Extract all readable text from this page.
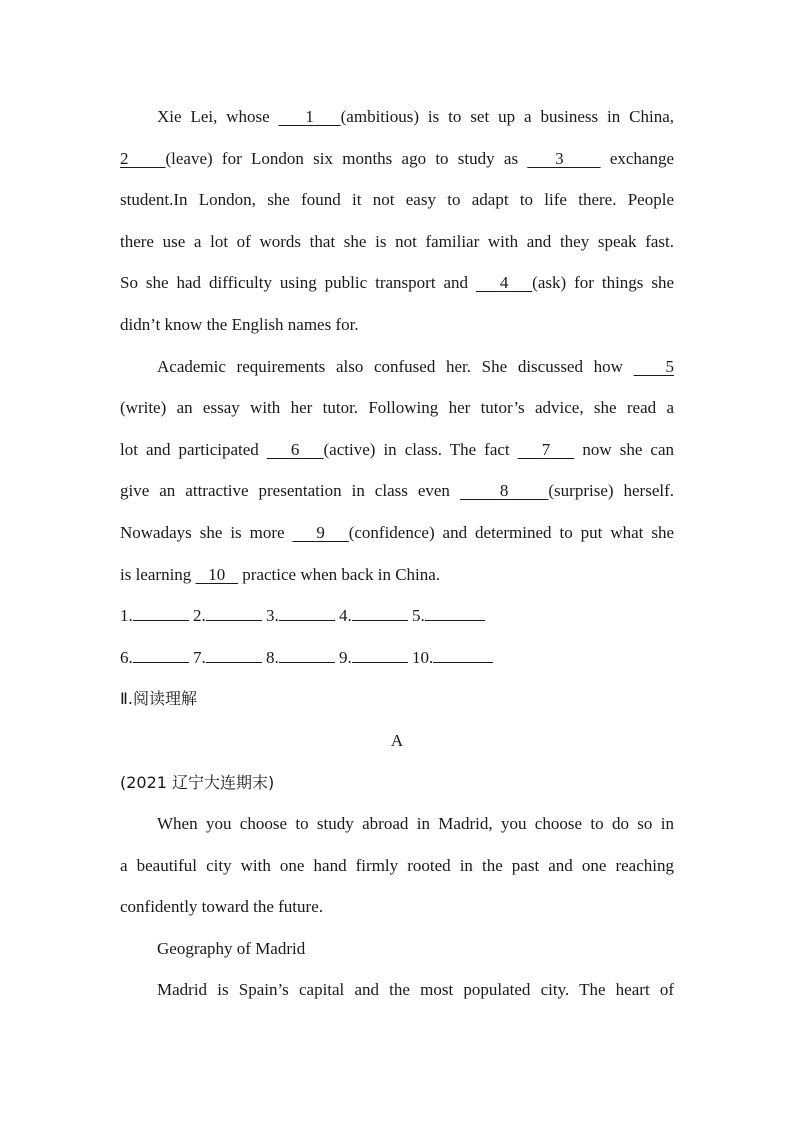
Xie Lei, whose    1 (ambitious) is to set up a business in China,
2 (leave) for London six months ago to study as    3     exchange
student.In London, she found it not easy to adapt to life there. People
there use a lot of words that she is not familiar with and they speak fast.
So she had difficulty using public transport and    4 (ask) for things she
didn’t know the English names for.
Academic requirements also confused her. She discussed how    5
(write) an essay with her tutor. Following her tutor’s advice, she read a
lot and participated    6 (active) in class. The fact    7    now she can
give an attractive presentation in class even     8 (surprise) herself.
Nowadays she is more    9 (confidence) and determined to put what she
is learning    10    practice when back in China.
1.	2.	3.	4.	5.
6.	7.	8.	9.	10.
Ⅱ.阅读理解
A
(2021 辽宁大连期末)
When you choose to study abroad in Madrid, you choose to do so in
a beautiful city with one hand firmly rooted in the past and one reaching
confidently toward the future.
Geography of Madrid
Madrid is Spain’s capital and the most populated city. The heart of
